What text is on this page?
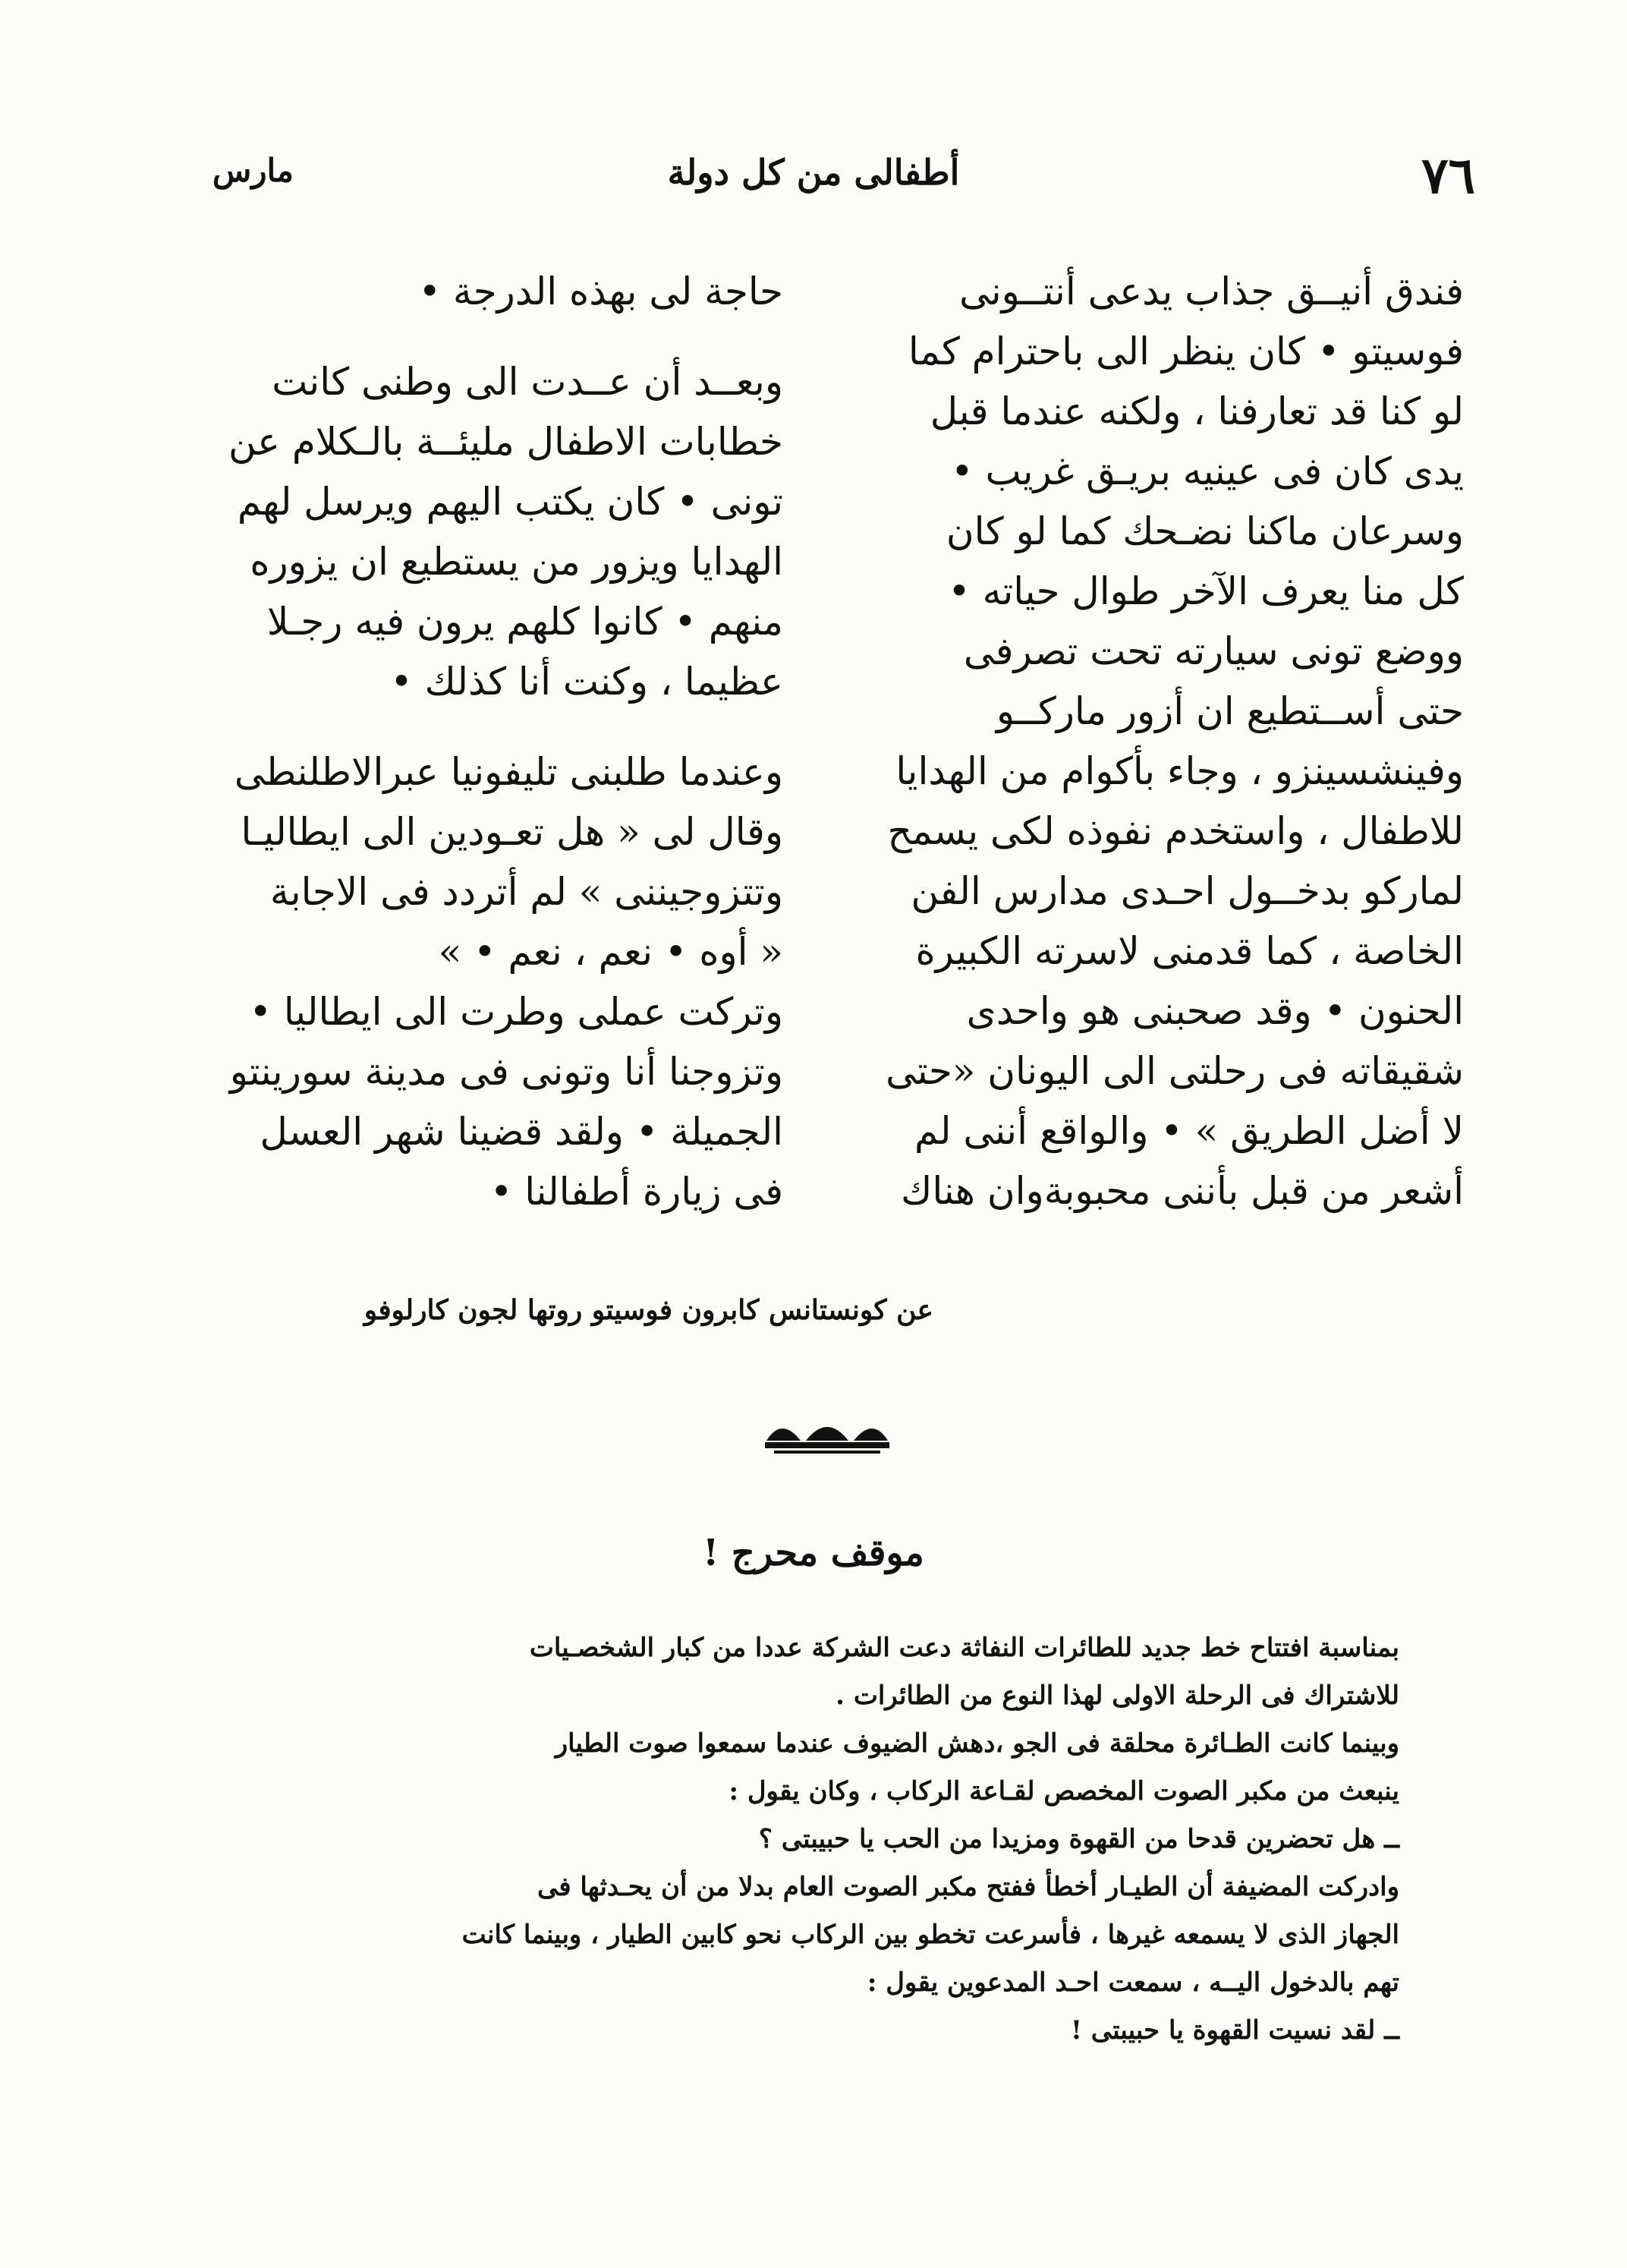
٧٦
أطفالى من كل دولة
مارس
فندق أنيــق جذاب يدعى أنتــونى
فوسيتو • كان ينظر الى باحترام كما
لو كنا قد تعارفنا ، ولكنه عندما قبل
يدى كان فى عينيه بريـق غريب •
وسرعان ماكنا نضـحك كما لو كان
كل منا يعرف الآخر طوال حياته •
ووضع تونى سيارته تحت تصرفى
حتى أســتطيع ان أزور ماركــو
وفينشسينزو ، وجاء بأكوام من الهدايا
للاطفال ، واستخدم نفوذه لكى يسمح
لماركو بدخــول احـدى مدارس الفن
الخاصة ، كما قدمنى لاسرته الكبيرة
الحنون • وقد صحبنى هو واحدى
شقيقاته فى رحلتى الى اليونان «حتى
لا أضل الطريق » • والواقع أننى لم
أشعر من قبل بأننى محبوبةوان هناك
حاجة لى بهذه الدرجة •
وبعــد أن عــدت الى وطنى كانت
خطابات الاطفال مليئــة بالـكلام عن
تونى • كان يكتب اليهم ويرسل لهم
الهدايا ويزور من يستطيع ان يزوره
منهم • كانوا كلهم يرون فيه رجـلا
عظيما ، وكنت أنا كذلك •
وعندما طلبنى تليفونيا عبرالاطلنطى
وقال لى « هل تعـودين الى ايطاليـا
وتتزوجيننى » لم أتردد فى الاجابة
« أوه • نعم ، نعم • »
وتركت عملى وطرت الى ايطاليا •
وتزوجنا أنا وتونى فى مدينة سورينتو
الجميلة • ولقد قضينا شهر العسل
فى زيارة أطفالنا •
عن كونستانس كابرون فوسيتو روتها لجون كارلوفو
موقف محرج !
بمناسبة افتتاح خط جديد للطائرات النفاثة دعت الشركة عددا من كبار الشخصـيات
للاشتراك فى الرحلة الاولى لهذا النوع من الطائرات .
وبينما كانت الطـائرة محلقة فى الجو ،دهش الضيوف عندما سمعوا صوت الطيار
ينبعث من مكبر الصوت المخصص لقـاعة الركاب ، وكان يقول :
ــ هل تحضرين قدحا من القهوة ومزيدا من الحب يا حبيبتى ؟
وادركت المضيفة أن الطيـار أخطأ ففتح مكبر الصوت العام بدلا من أن يحـدثها فى
الجهاز الذى لا يسمعه غيرها ، فأسرعت تخطو بين الركاب نحو كابين الطيار ، وبينما كانت
تهم بالدخول اليــه ، سمعت احـد المدعوين يقول :
ــ لقد نسيت القهوة يا حبيبتى !
